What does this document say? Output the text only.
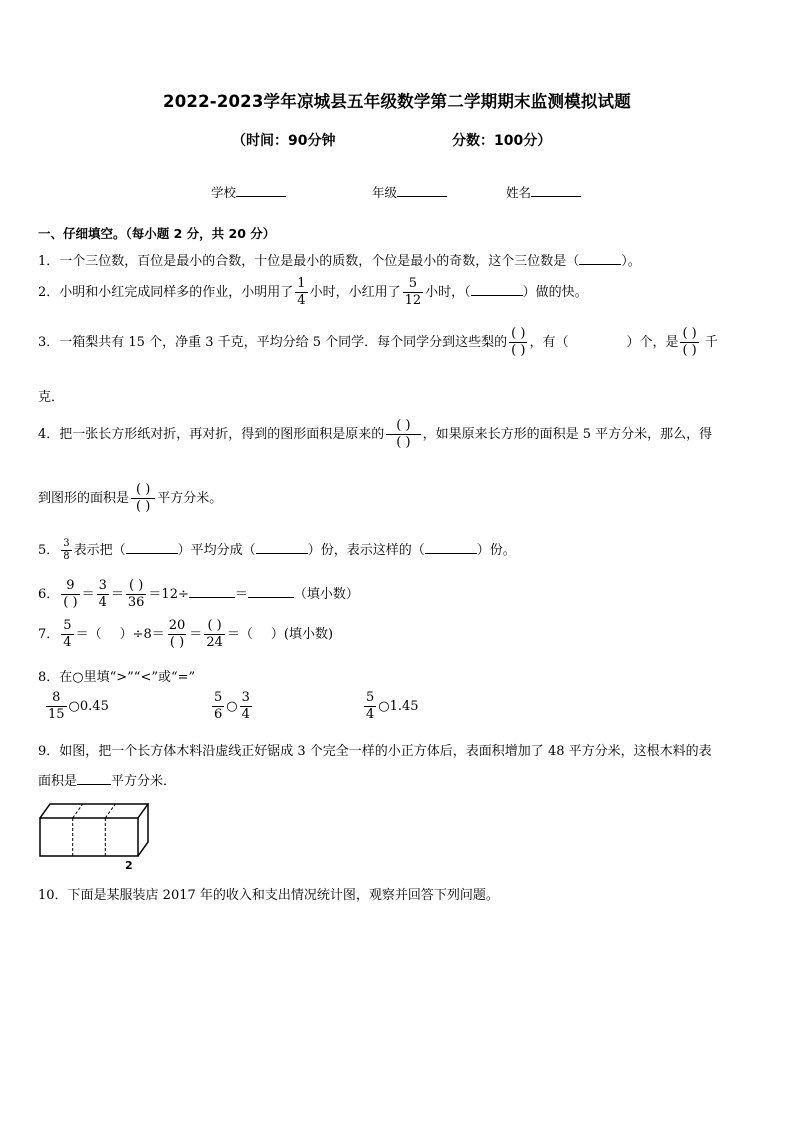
2022-2023学年凉城县五年级数学第二学期期末监测模拟试题
（时间：90分钟	分数：100分）
学校	年级	姓名
一、仔细填空。（每小题 2 分，共 20 分）
1．一个三位数，百位是最小的合数，十位是最小的质数，个位是最小的奇数，这个三位数是（	）。
2．小明和小红完成同样多的作业，小明用了 $\frac{1}{4}$ 小时，小红用了 $\frac{5}{12}$ 小时，（	）做的快。
3．一箱梨共有 15 个，净重 3 千克，平均分给 5 个同学．每个同学分到这些梨的 $\frac{( )}{( )}$ ，有（	）个，是 $\frac{( )}{( )}$ 千
克．
4．把一张长方形纸对折，再对折，得到的图形面积是原来的 $\frac{( )}{( )}$ ，如果原来长方形的面积是 5 平方分米，那么，得
到图形的面积是 $\frac{( )}{( )}$ 平方分米。
5． $\frac{3}{8}$ 表示把（	）平均分成（	）份，表示这样的（	）份。
6． $\frac{9}{( )} = \frac{3}{4} = \frac{( )}{36} =12\div$	＝	（填小数）
7． $\frac{5}{4}$ ＝（ ）$\div 8= \frac{20}{( )} = \frac{( )}{24}$ ＝（ ）(填小数)
8．在○里填“>”“<”或“=”
$\frac{8}{15}$ ○0.45	$\frac{5}{6}$ ○ $\frac{3}{4}$	$\frac{5}{4}$ ○1.45
9．如图，把一个长方体木料沿虚线正好锯成 3 个完全一样的小正方体后，表面积增加了 48 平方分米，这根木料的表
面积是	平方分米．
2
10．下面是某服装店 2017 年的收入和支出情况统计图，观察并回答下列问题。
